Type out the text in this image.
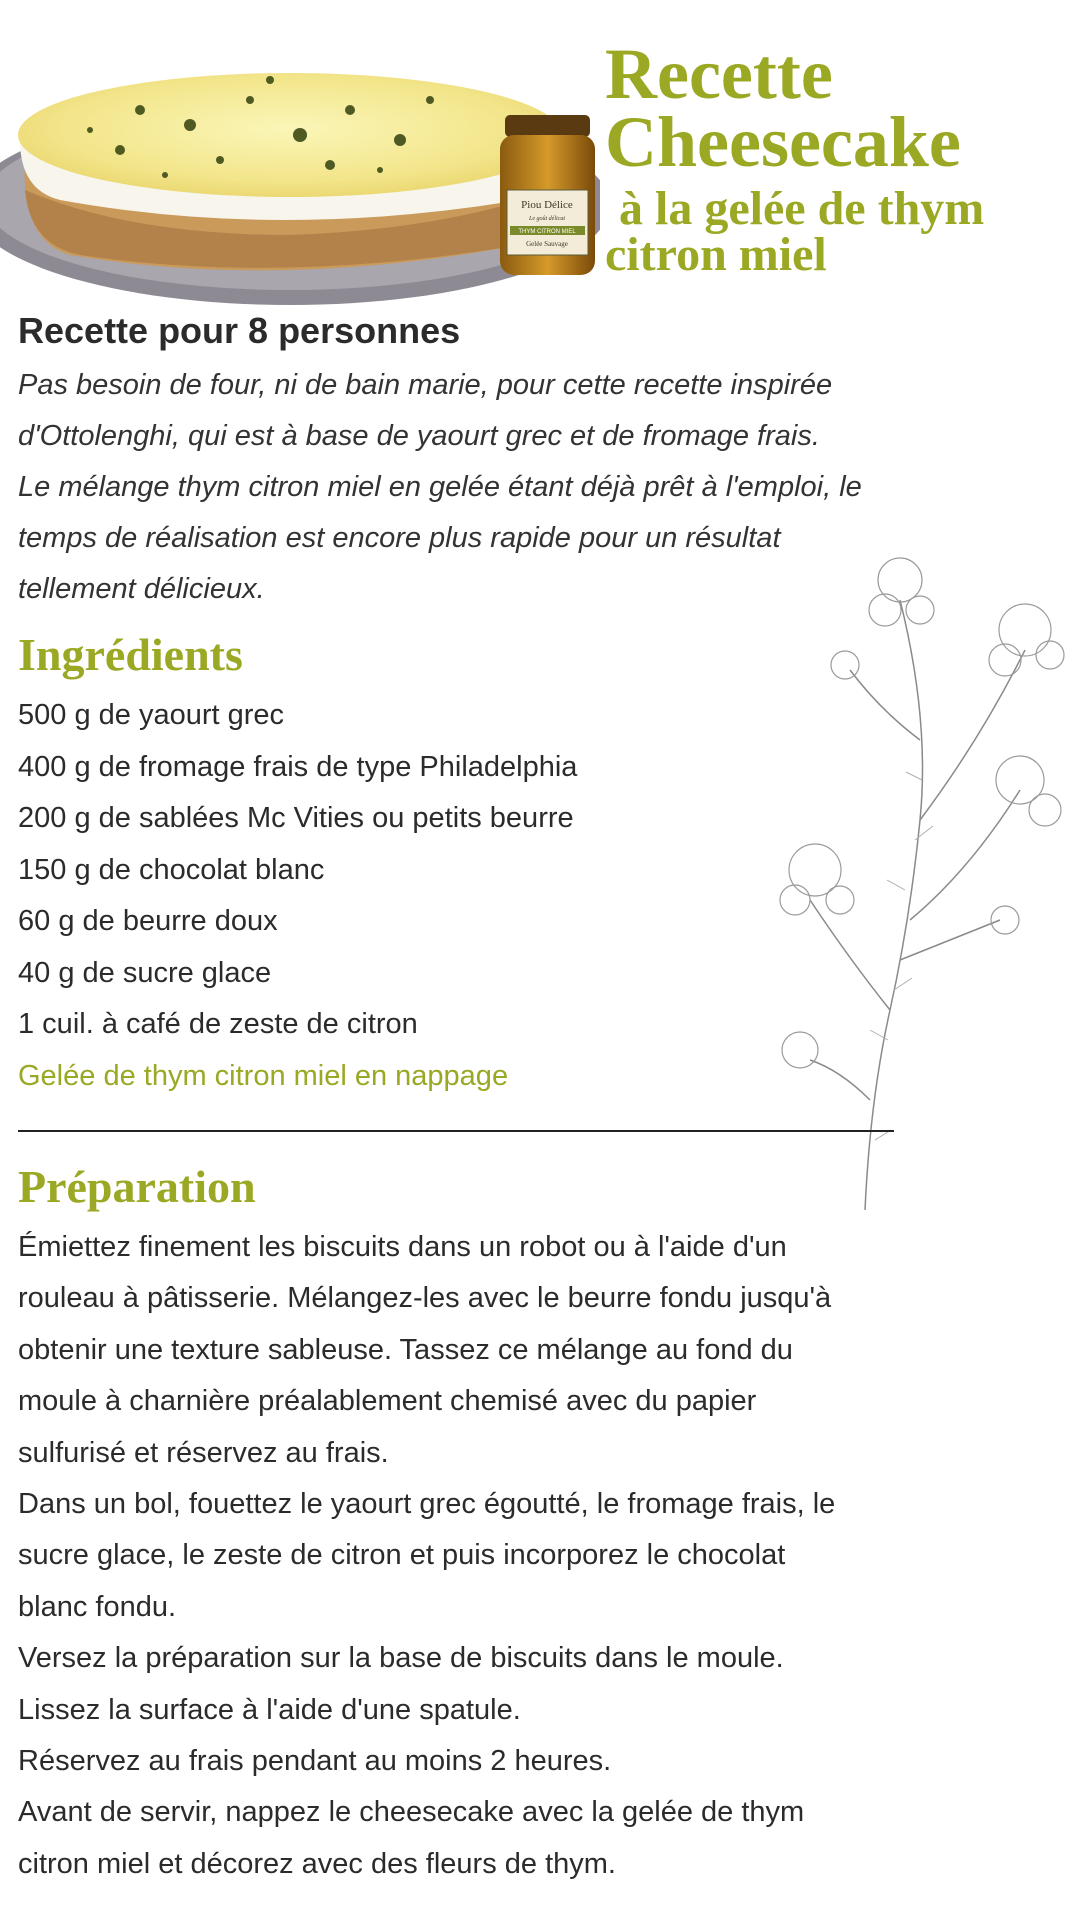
Piou Délice
Le goût délicat
THYM CITRON MIEL
Gelée Sauvage
Recette
Cheesecake
à la gelée de thym
citron miel
Recette pour 8 personnes

Pas besoin de four, ni de bain marie, pour cette recette inspirée
d'Ottolenghi, qui est à base de yaourt grec et de fromage frais.
Le mélange thym citron miel en gelée étant déjà prêt à l'emploi, le
temps de réalisation est encore plus rapide pour un résultat
tellement délicieux.

Ingrédients
500 g de yaourt grec
400 g de fromage frais de type Philadelphia
200 g de sablées Mc Vities ou petits beurre
150 g de chocolat blanc
60 g de beurre doux
40 g de sucre glace
1 cuil. à café de zeste de citron
Gelée de thym citron miel en nappage
Préparation
Émiettez finement les biscuits dans un robot ou à l'aide d'un
rouleau à pâtisserie. Mélangez-les avec le beurre fondu jusqu'à
obtenir une texture sableuse. Tassez ce mélange au fond du
moule à charnière préalablement chemisé avec du papier
sulfurisé et réservez au frais.
Dans un bol, fouettez le yaourt grec égoutté, le fromage frais, le
sucre glace, le zeste de citron et puis incorporez le chocolat
blanc fondu.
Versez la préparation sur la base de biscuits dans le moule.
Lissez la surface à l'aide d'une spatule.
Réservez au frais pendant au moins 2 heures.
Avant de servir, nappez le cheesecake avec la gelée de thym
citron miel et décorez avec des fleurs de thym.
